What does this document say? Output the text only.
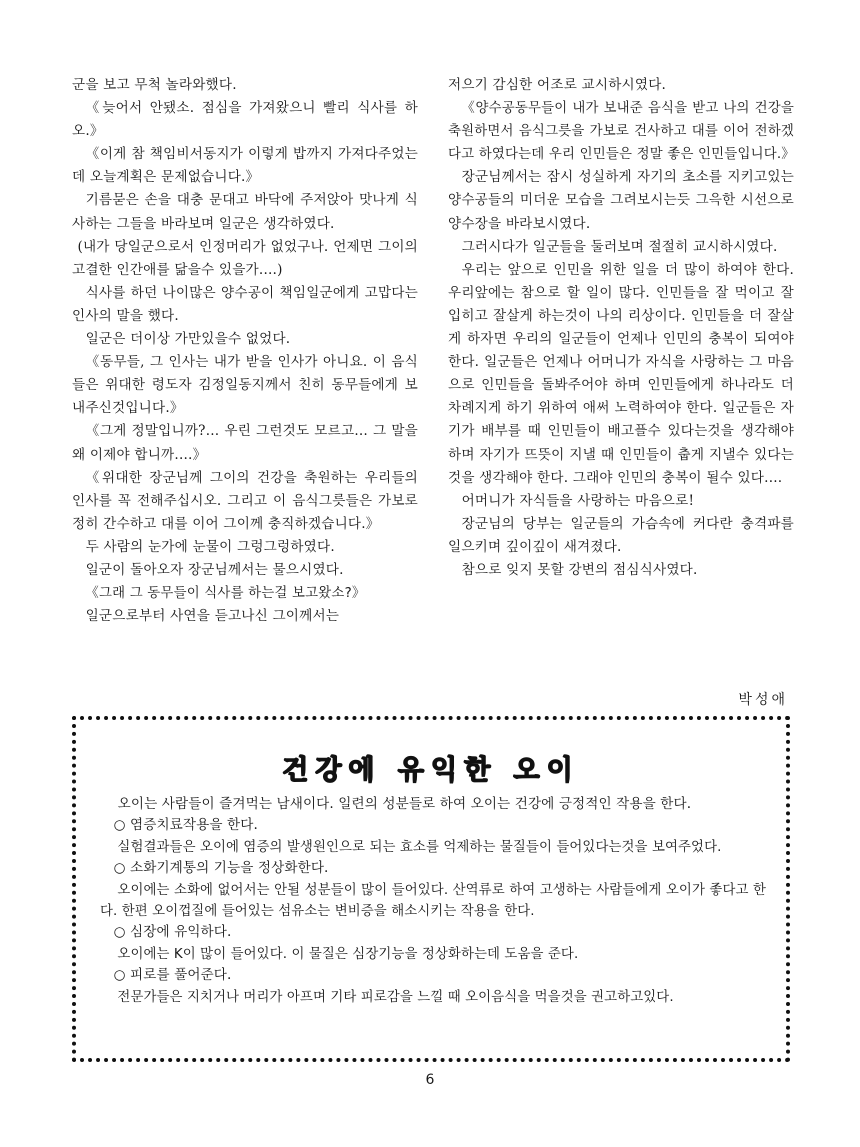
군을 보고 무척 놀라와했다.

《늦어서 안됐소. 점심을 가져왔으니 빨리 식사를 하오.》

《이게 참 책임비서동지가 이렇게 밥까지 가져다주었는데 오늘계획은 문제없습니다.》

기름묻은 손을 대충 문대고 바닥에 주저앉아 맛나게 식사하는 그들을 바라보며 일군은 생각하였다.

(내가 당일군으로서 인정머리가 없었구나. 언제면 그이의 고결한 인간애를 닮을수 있을가.…)

식사를 하던 나이많은 양수공이 책임일군에게 고맙다는 인사의 말을 했다.

일군은 더이상 가만있을수 없었다.

《동무들, 그 인사는 내가 받을 인사가 아니요. 이 음식들은 위대한 령도자 김정일동지께서 친히 동무들에게 보내주신것입니다.》

《그게 정말입니까?… 우린 그런것도 모르고… 그 말을 왜 이제야 합니까.…》

《위대한 장군님께 그이의 건강을 축원하는 우리들의 인사를 꼭 전해주십시오. 그리고 이 음식그릇들은 가보로 정히 간수하고 대를 이어 그이께 충직하겠습니다.》

두 사람의 눈가에 눈물이 그렁그렁하였다.

일군이 돌아오자 장군님께서는 물으시였다.

《그래 그 동무들이 식사를 하는걸 보고왔소?》

일군으로부터 사연을 듣고나신 그이께서는

저으기 감심한 어조로 교시하시였다.

《양수공동무들이 내가 보내준 음식을 받고 나의 건강을 축원하면서 음식그릇을 가보로 건사하고 대를 이어 전하겠다고 하였다는데 우리 인민들은 정말 좋은 인민들입니다.》

장군님께서는 잠시 성실하게 자기의 초소를 지키고있는 양수공들의 미더운 모습을 그려보시는듯 그윽한 시선으로 양수장을 바라보시였다.

그러시다가 일군들을 둘러보며 절절히 교시하시였다.

우리는 앞으로 인민을 위한 일을 더 많이 하여야 한다. 우리앞에는 참으로 할 일이 많다. 인민들을 잘 먹이고 잘 입히고 잘살게 하는것이 나의 리상이다. 인민들을 더 잘살게 하자면 우리의 일군들이 언제나 인민의 충복이 되여야 한다. 일군들은 언제나 어머니가 자식을 사랑하는 그 마음으로 인민들을 돌봐주어야 하며 인민들에게 하나라도 더 차례지게 하기 위하여 애써 노력하여야 한다. 일군들은 자기가 배부를 때 인민들이 배고플수 있다는것을 생각해야 하며 자기가 뜨뜻이 지낼 때 인민들이 춥게 지낼수 있다는것을 생각해야 한다. 그래야 인민의 충복이 될수 있다.…

어머니가 자식들을 사랑하는 마음으로!

장군님의 당부는 일군들의 가슴속에 커다란 충격파를 일으키며 깊이깊이 새겨졌다.

참으로 잊지 못할 강변의 점심식사였다.

박성애
건강에 유익한 오이

오이는 사람들이 즐겨먹는 남새이다. 일련의 성분들로 하여 오이는 건강에 긍정적인 작용을 한다.

○ 염증치료작용을 한다.

실험결과들은 오이에 염증의 발생원인으로 되는 효소를 억제하는 물질들이 들어있다는것을 보여주었다.

○ 소화기계통의 기능을 정상화한다.

오이에는 소화에 없어서는 안될 성분들이 많이 들어있다. 산역류로 하여 고생하는 사람들에게 오이가 좋다고 한다. 한편 오이껍질에 들어있는 섬유소는 변비증을 해소시키는 작용을 한다.

○ 심장에 유익하다.

오이에는 K이 많이 들어있다. 이 물질은 심장기능을 정상화하는데 도움을 준다.

○ 피로를 풀어준다.

전문가들은 지치거나 머리가 아프며 기타 피로감을 느낄 때 오이음식을 먹을것을 권고하고있다.

6
